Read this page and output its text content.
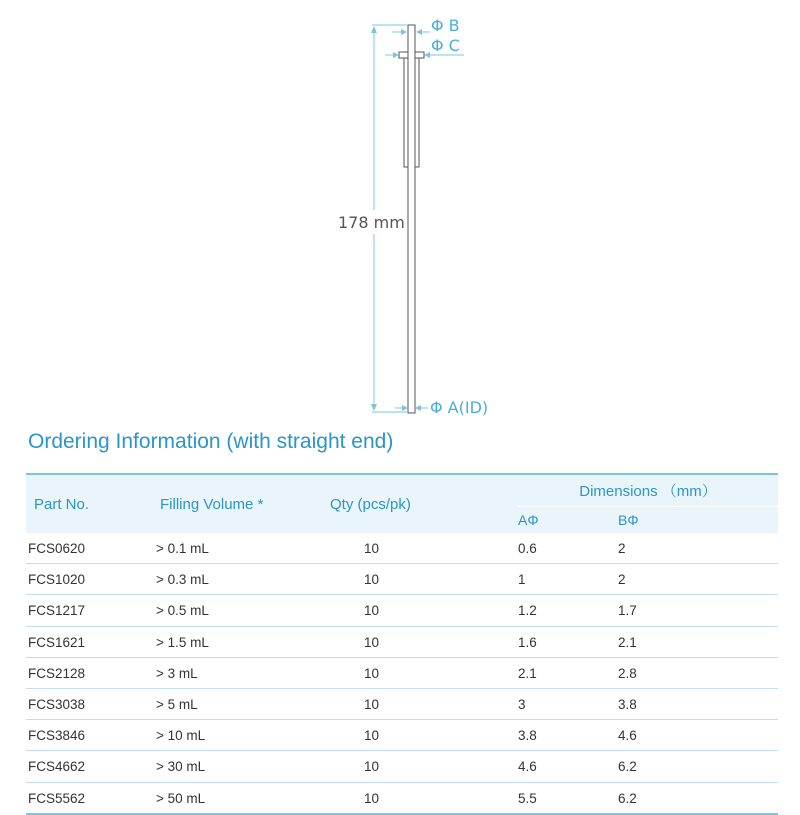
178 mm
Φ B
Φ C
Φ A(ID)
Ordering Information (with straight end)
Part No.	Filling Volume *	Qty (pcs/pk)	Dimensions （mm）	
			AΦ	BΦ
FCS0620	> 0.1 mL	10	0.6	2
FCS1020	> 0.3 mL	10	1	2
FCS1217	> 0.5 mL	10	1.2	1.7
FCS1621	> 1.5 mL	10	1.6	2.1
FCS2128	> 3 mL	10	2.1	2.8
FCS3038	> 5 mL	10	3	3.8
FCS3846	> 10 mL	10	3.8	4.6
FCS4662	> 30 mL	10	4.6	6.2
FCS5562	> 50 mL	10	5.5	6.2
